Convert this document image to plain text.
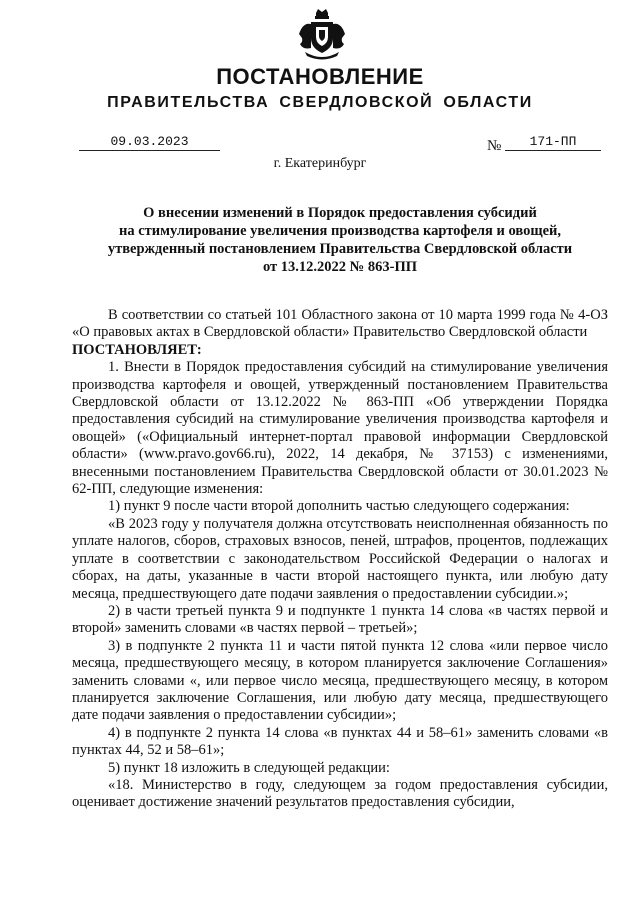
ПОСТАНОВЛЕНИЕ
ПРАВИТЕЛЬСТВА СВЕРДЛОВСКОЙ ОБЛАСТИ
09.03.2023	№	171-ПП
г. Екатеринбург
О внесении изменений в Порядок предоставления субсидий
на стимулирование увеличения производства картофеля и овощей,
утвержденный постановлением Правительства Свердловской области
от 13.12.2022 № 863-ПП

В соответствии со статьей 101 Областного закона от 10 марта 1999 года № 4-ОЗ «О правовых актах в Свердловской области» Правительство Свердловской области

ПОСТАНОВЛЯЕТ:

1. Внести в Порядок предоставления субсидий на стимулирование увеличения производства картофеля и овощей, утвержденный постановлением Правительства Свердловской области от 13.12.2022 № 863-ПП «Об утверждении Порядка предоставления субсидий на стимулирование увеличения производства картофеля и овощей» («Официальный интернет-портал правовой информации Свердловской области» (www.pravo.gov66.ru), 2022, 14 декабря, № 37153) с изменениями, внесенными постановлением Правительства Свердловской области от 30.01.2023 № 62-ПП, следующие изменения:

1) пункт 9 после части второй дополнить частью следующего содержания:

«В 2023 году у получателя должна отсутствовать неисполненная обязанность по уплате налогов, сборов, страховых взносов, пеней, штрафов, процентов, подлежащих уплате в соответствии с законодательством Российской Федерации о налогах и сборах, на даты, указанные в части второй настоящего пункта, или любую дату месяца, предшествующего дате подачи заявления о предоставлении субсидии.»;

2) в части третьей пункта 9 и подпункте 1 пункта 14 слова «в частях первой и второй» заменить словами «в частях первой – третьей»;

3) в подпункте 2 пункта 11 и части пятой пункта 12 слова «или первое число месяца, предшествующего месяцу, в котором планируется заключение Соглашения» заменить словами «, или первое число месяца, предшествующего месяцу, в котором планируется заключение Соглашения, или любую дату месяца, предшествующего дате подачи заявления о предоставлении субсидии»;

4) в подпункте 2 пункта 14 слова «в пунктах 44 и 58–61» заменить словами «в пунктах 44, 52 и 58–61»;

5) пункт 18 изложить в следующей редакции:

«18. Министерство в году, следующем за годом предоставления субсидии, оценивает достижение значений результатов предоставления субсидии,
